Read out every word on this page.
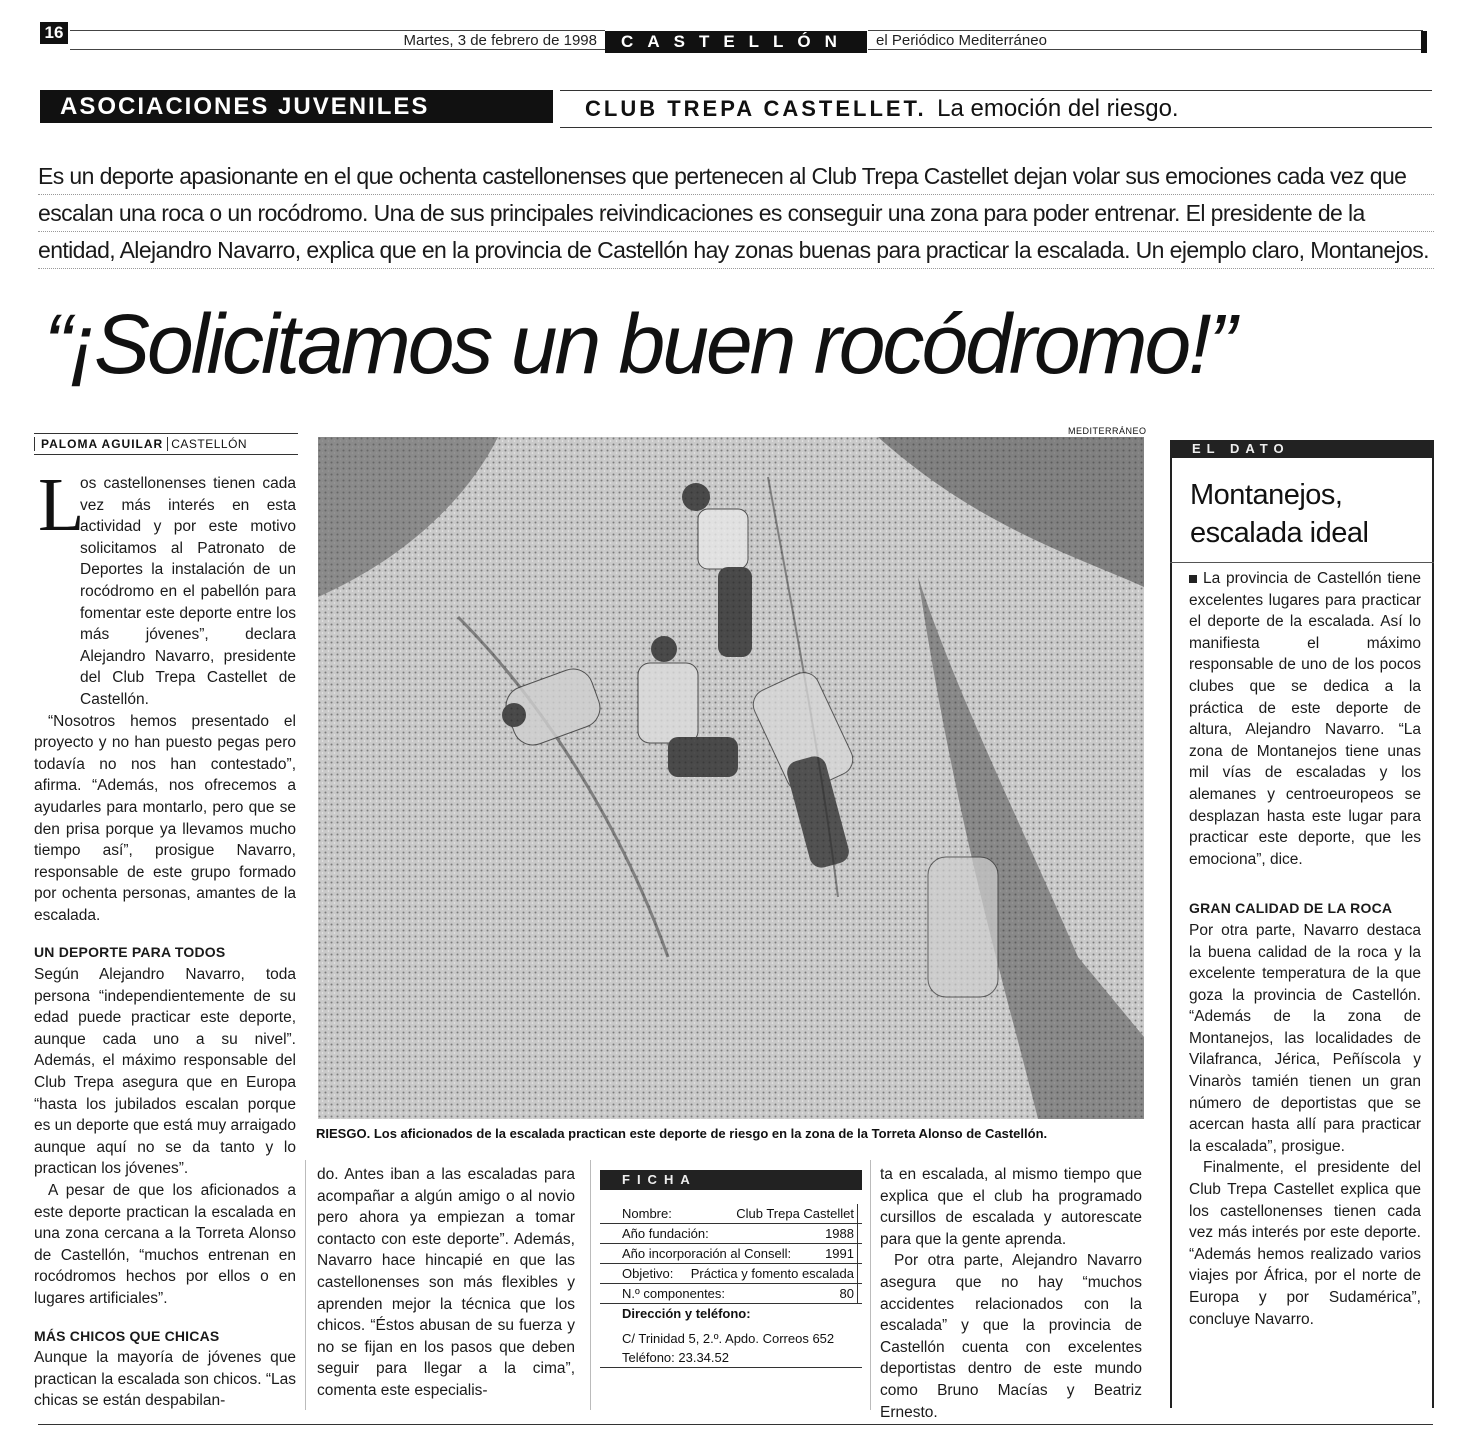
16	Martes, 3 de febrero de 1998	CASTELLÓN	el Periódico Mediterráneo
ASOCIACIONES JUVENILES	CLUB TREPA CASTELLET. La emoción del riesgo.
Es un deporte apasionante en el que ochenta castellonenses que pertenecen al Club Trepa Castellet dejan volar sus emociones cada vez que
escalan una roca o un rocódromo. Una de sus principales reivindicaciones es conseguir una zona para poder entrenar. El presidente de la
entidad, Alejandro Navarro, explica que en la provincia de Castellón hay zonas buenas para practicar la escalada. Un ejemplo claro, Montanejos.
“¡Solicitamos un buen rocódromo!”
PALOMA AGUILAR CASTELLÓN
L

os castellonenses tienen cada vez más interés en esta actividad y por este motivo solicitamos al Patronato de Deportes la instalación de un rocódromo en el pabellón para fomentar este deporte entre los más jóvenes”, declara Alejandro Navarro, presidente del Club Trepa Castellet de Castellón.

“Nosotros hemos presentado el proyecto y no han puesto pegas pero todavía no nos han contestado”, afirma. “Además, nos ofrecemos a ayudarles para montarlo, pero que se den prisa porque ya llevamos mucho tiempo así”, prosigue Navarro, responsable de este grupo formado por ochenta personas, amantes de la escalada.

UN DEPORTE PARA TODOS

Según Alejandro Navarro, toda persona “independientemente de su edad puede practicar este deporte, aunque cada uno a su nivel”. Además, el máximo responsable del Club Trepa asegura que en Europa “hasta los jubilados escalan porque es un deporte que está muy arraigado aunque aquí no se da tanto y lo practican los jóvenes”.

A pesar de que los aficionados a este deporte practican la escalada en una zona cercana a la Torreta Alonso de Castellón, “muchos entrenan en rocódromos hechos por ellos o en lugares artificiales”.

MÁS CHICOS QUE CHICAS

Aunque la mayoría de jóvenes que practican la escalada son chicos. “Las chicas se están despabilan-

MEDITERRÁNEO
RIESGO. Los aficionados de la escalada practican este deporte de riesgo en la zona de la Torreta Alonso de Castellón.

do. Antes iban a las escaladas para acompañar a algún amigo o al novio pero ahora ya empiezan a tomar contacto con este deporte”. Además, Navarro hace hincapié en que las castellonenses son más flexibles y aprenden mejor la técnica que los chicos. “Éstos abusan de su fuerza y no se fijan en los pasos que deben seguir para llegar a la cima”, comenta este especialis-

FICHA
Nombre:	Club Trepa Castellet
Año fundación:	1988
Año incorporación al Consell:	1991
Objetivo: Práctica y fomento escalada
N.º componentes:	80
Dirección y teléfono:
C/ Trinidad 5, 2.º. Apdo. Correos 652
Teléfono: 23.34.52

ta en escalada, al mismo tiempo que explica que el club ha programado cursillos de escalada y autorescate para que la gente aprenda.

Por otra parte, Alejandro Navarro asegura que no hay “muchos accidentes relacionados con la escalada” y que la provincia de Castellón cuenta con excelentes deportistas dentro de este mundo como Bruno Macías y Beatriz Ernesto.

EL DATO
Montanejos, escalada ideal

La provincia de Castellón tiene excelentes lugares para practicar el deporte de la escalada. Así lo manifiesta el máximo responsable de uno de los pocos clubes que se dedica a la práctica de este deporte de altura, Alejandro Navarro. “La zona de Montanejos tiene unas mil vías de escaladas y los alemanes y centroeuropeos se desplazan hasta este lugar para practicar este deporte, que les emociona”, dice.

GRAN CALIDAD DE LA ROCA

Por otra parte, Navarro destaca la buena calidad de la roca y la excelente temperatura de la que goza la provincia de Castellón. “Además de la zona de Montanejos, las localidades de Vilafranca, Jérica, Peñíscola y Vinaròs tamién tienen un gran número de deportistas que se acercan hasta allí para practicar la escalada”, prosigue.

Finalmente, el presidente del Club Trepa Castellet explica que los castellonenses tienen cada vez más interés por este deporte. “Además hemos realizado varios viajes por África, por el norte de Europa y por Sudamérica”, concluye Navarro.
